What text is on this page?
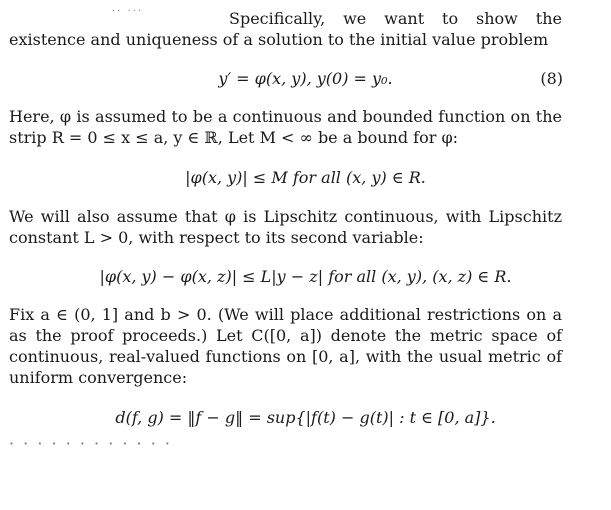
·· ···	Specifically, we want to show the existence and uniqueness of a solution to the initial value problem
y′ = φ(x, y), y(0) = y₀.	(8)
Here, φ is assumed to be a continuous and bounded function on the strip R = 0 ≤ x ≤ a, y ∈ ℝ, Let M < ∞ be a bound for φ:
|φ(x, y)| ≤ M for all (x, y) ∈ R.
We will also assume that φ is Lipschitz continuous, with Lipschitz constant L > 0, with respect to its second variable:
|φ(x, y) − φ(x, z)| ≤ L|y − z| for all (x, y), (x, z) ∈ R.
Fix a ∈ (0, 1] and b > 0. (We will place additional restrictions on a as the proof proceeds.) Let C([0, a]) denote the metric space of continuous, real-valued functions on [0, a], with the usual metric of uniform convergence:
d(f, g) = ‖f − g‖ = sup{|f(t) − g(t)| : t ∈ [0, a]}.
· · · · · · · · · · · ·
